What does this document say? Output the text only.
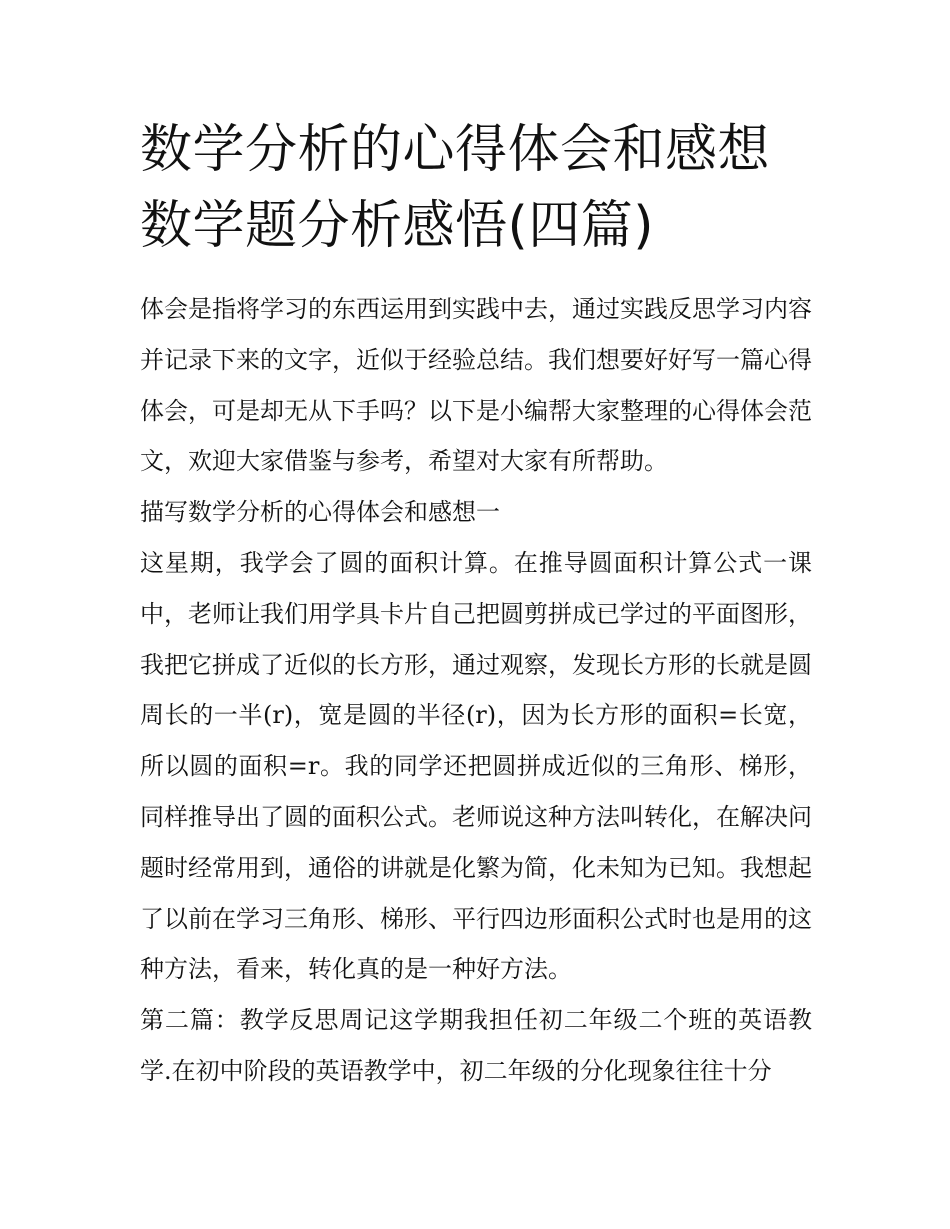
数学分析的心得体会和感想 数学题分析感悟(四篇)

体会是指将学习的东西运用到实践中去，通过实践反思学习内容并记录下来的文字，近似于经验总结。我们想要好好写一篇心得体会，可是却无从下手吗？以下是小编帮大家整理的心得体会范文，欢迎大家借鉴与参考，希望对大家有所帮助。

描写数学分析的心得体会和感想一

这星期，我学会了圆的面积计算。在推导圆面积计算公式一课中，老师让我们用学具卡片自己把圆剪拼成已学过的平面图形，我把它拼成了近似的长方形，通过观察，发现长方形的长就是圆周长的一半(r)，宽是圆的半径(r)，因为长方形的面积=长宽，所以圆的面积=r。我的同学还把圆拼成近似的三角形、梯形，同样推导出了圆的面积公式。老师说这种方法叫转化，在解决问题时经常用到，通俗的讲就是化繁为简，化未知为已知。我想起了以前在学习三角形、梯形、平行四边形面积公式时也是用的这种方法，看来，转化真的是一种好方法。

第二篇：教学反思周记这学期我担任初二年级二个班的英语教学.在初中阶段的英语教学中，初二年级的分化现象往往十分
